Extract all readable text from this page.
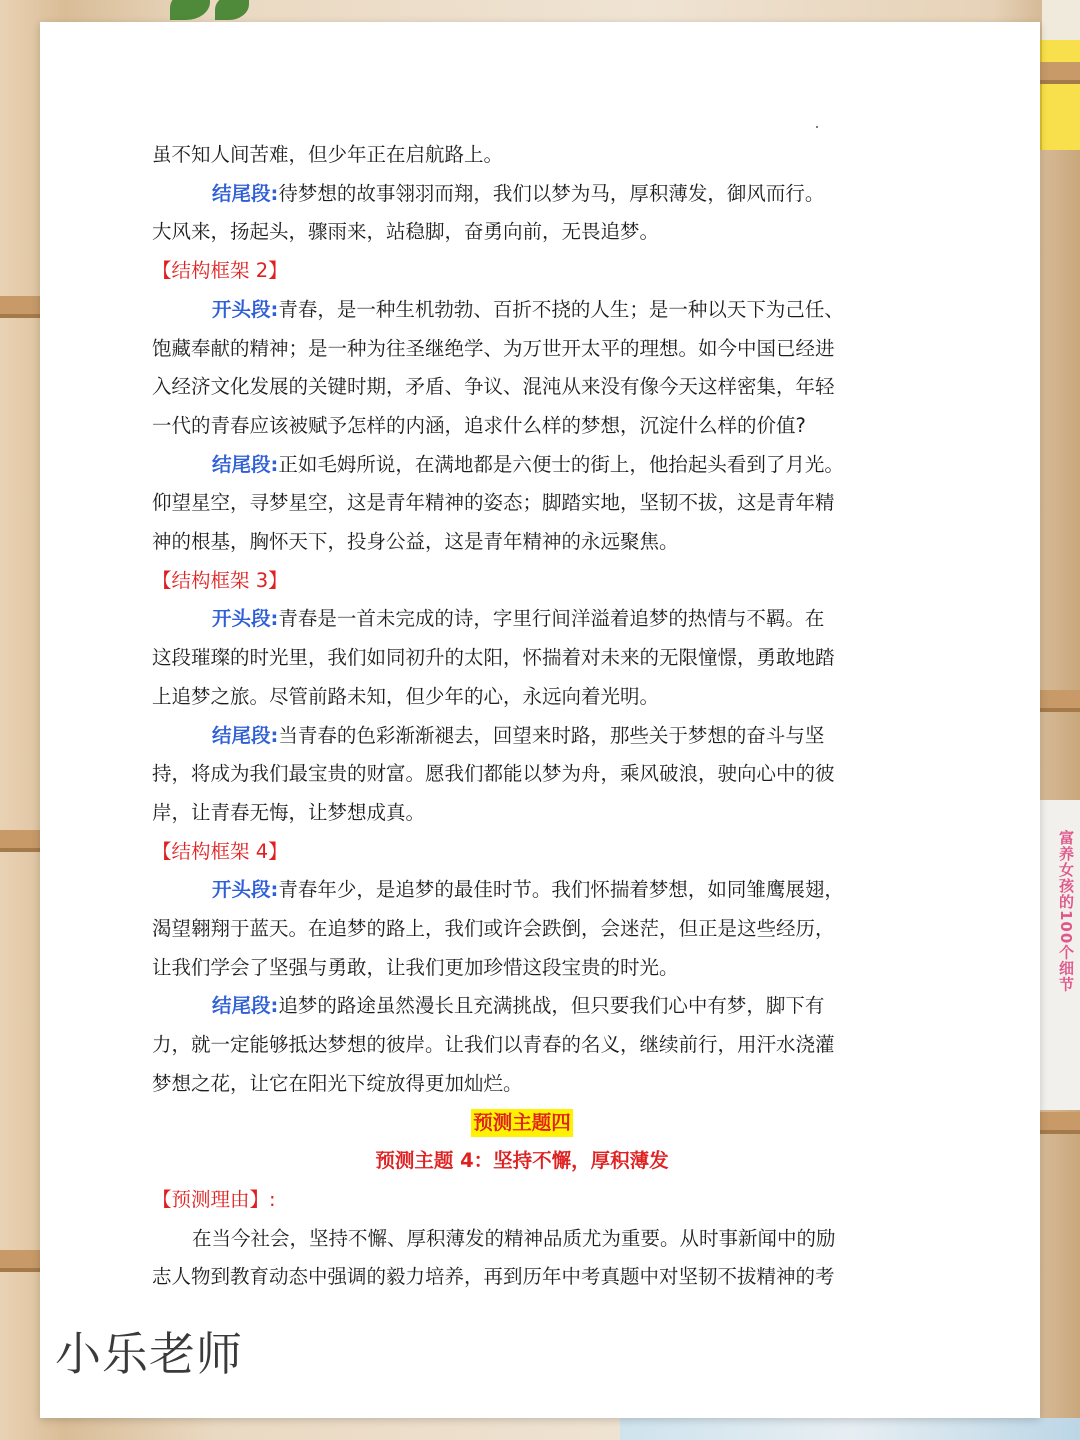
富养女孩的100个细节
虽不知人间苦难，但少年正在启航路上。
结尾段:待梦想的故事翎羽而翔，我们以梦为马，厚积薄发，御风而行。
大风来，扬起头，骤雨来，站稳脚，奋勇向前，无畏追梦。
【结构框架 2】
开头段:青春，是一种生机勃勃、百折不挠的人生；是一种以天下为己任、
饱藏奉献的精神；是一种为往圣继绝学、为万世开太平的理想。如今中国已经进
入经济文化发展的关键时期，矛盾、争议、混沌从来没有像今天这样密集，年轻
一代的青春应该被赋予怎样的内涵，追求什么样的梦想，沉淀什么样的价值?
结尾段:正如毛姆所说，在满地都是六便士的街上，他抬起头看到了月光。
仰望星空，寻梦星空，这是青年精神的姿态；脚踏实地，坚韧不拔，这是青年精
神的根基，胸怀天下，投身公益，这是青年精神的永远聚焦。
【结构框架 3】
开头段:青春是一首未完成的诗，字里行间洋溢着追梦的热情与不羁。在
这段璀璨的时光里，我们如同初升的太阳，怀揣着对未来的无限憧憬，勇敢地踏
上追梦之旅。尽管前路未知，但少年的心，永远向着光明。
结尾段:当青春的色彩渐渐褪去，回望来时路，那些关于梦想的奋斗与坚
持，将成为我们最宝贵的财富。愿我们都能以梦为舟，乘风破浪，驶向心中的彼
岸，让青春无悔，让梦想成真。
【结构框架 4】
开头段:青春年少，是追梦的最佳时节。我们怀揣着梦想，如同雏鹰展翅，
渴望翱翔于蓝天。在追梦的路上，我们或许会跌倒，会迷茫，但正是这些经历，
让我们学会了坚强与勇敢，让我们更加珍惜这段宝贵的时光。
结尾段:追梦的路途虽然漫长且充满挑战，但只要我们心中有梦，脚下有
力，就一定能够抵达梦想的彼岸。让我们以青春的名义，继续前行，用汗水浇灌
梦想之花，让它在阳光下绽放得更加灿烂。
预测主题四
预测主题 4：坚持不懈，厚积薄发
【预测理由】:
在当今社会，坚持不懈、厚积薄发的精神品质尤为重要。从时事新闻中的励
志人物到教育动态中强调的毅力培养，再到历年中考真题中对坚韧不拔精神的考
小乐老师
